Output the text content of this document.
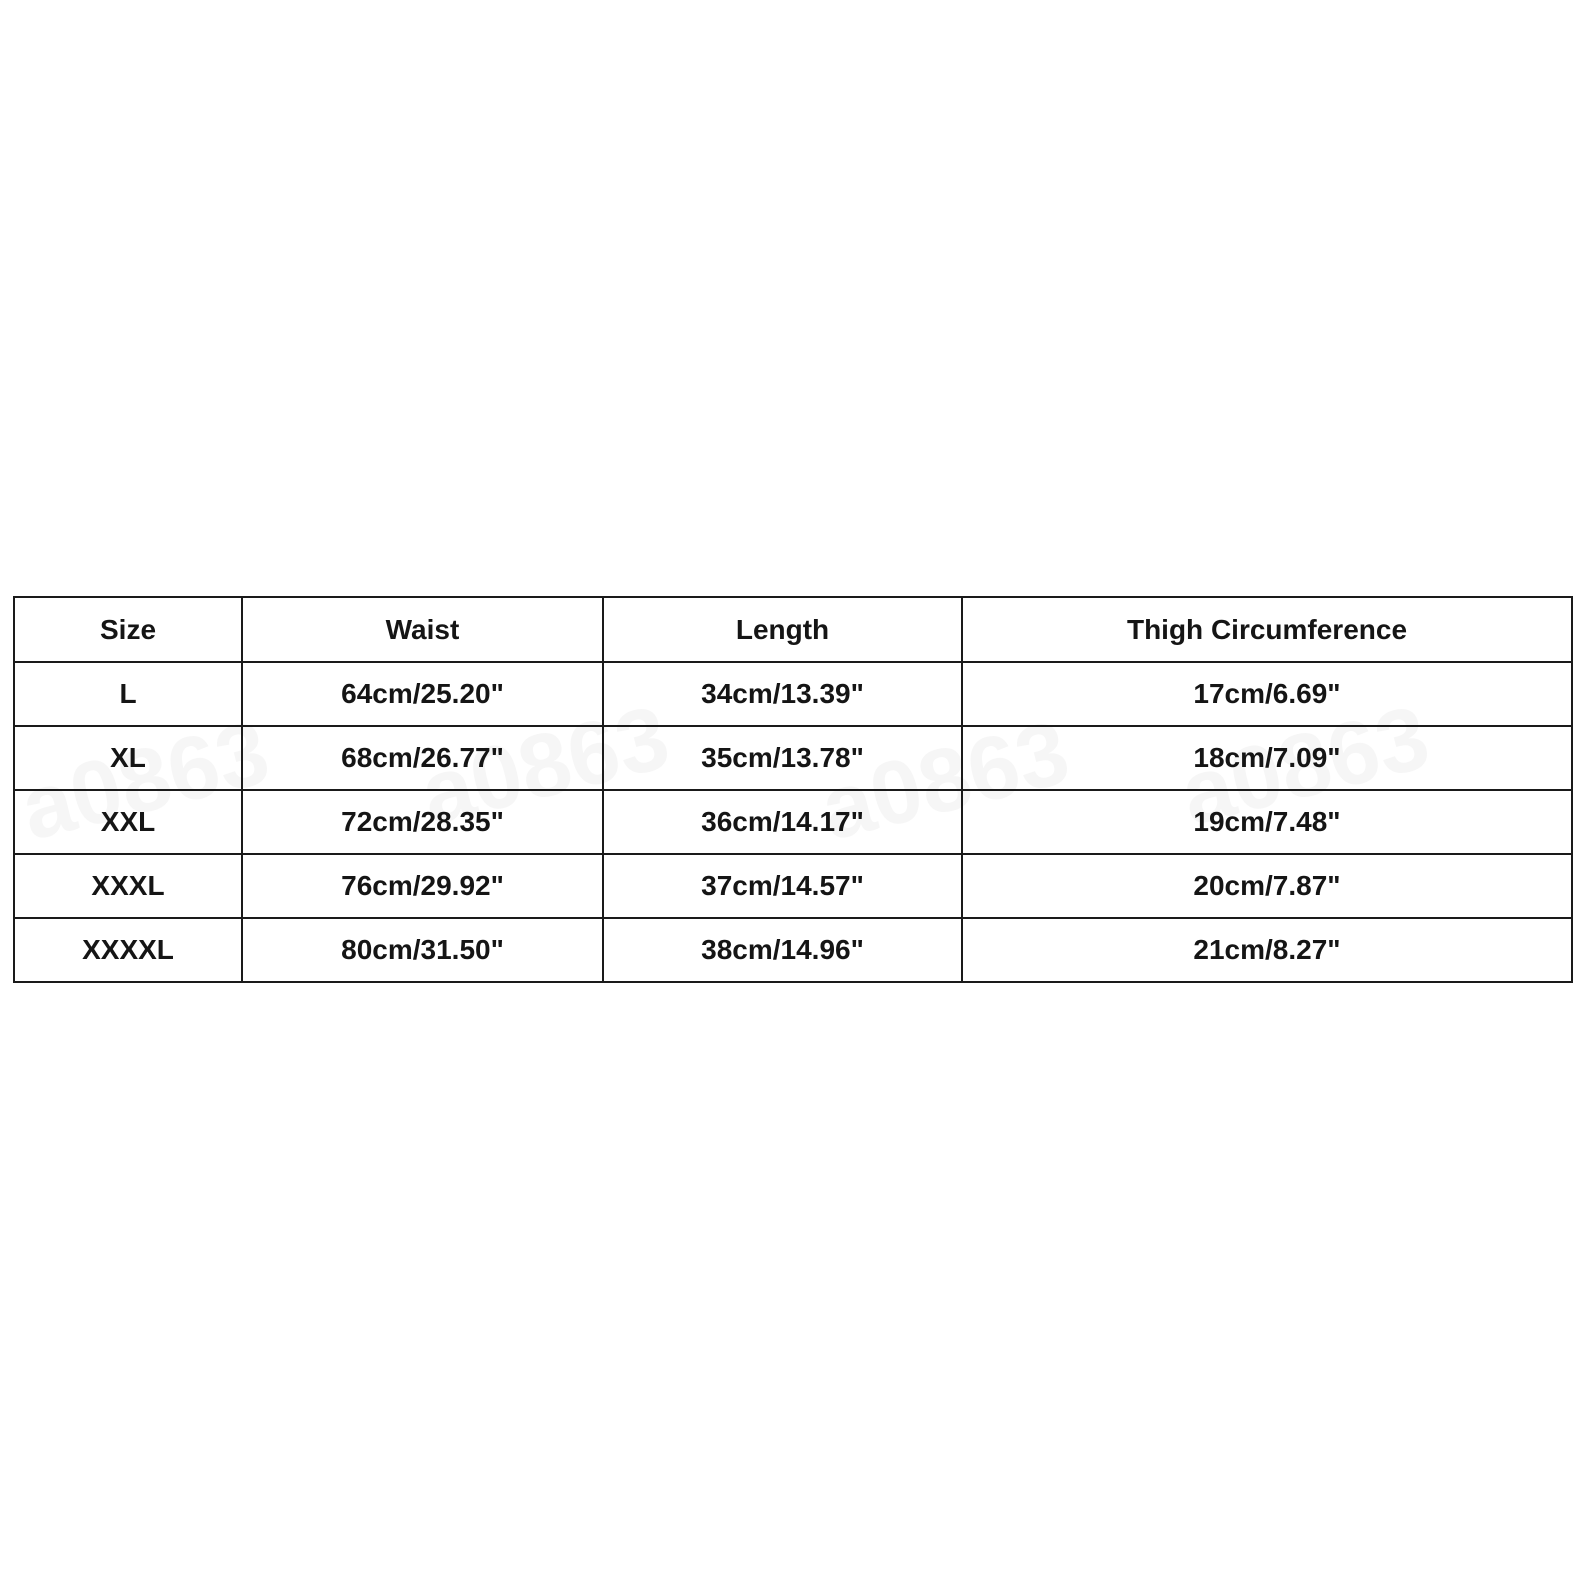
Size	Waist	Length	Thigh Circumference
L	64cm/25.20"	34cm/13.39"	17cm/6.69"
XL	68cm/26.77"	35cm/13.78"	18cm/7.09"
XXL	72cm/28.35"	36cm/14.17"	19cm/7.48"
XXXL	76cm/29.92"	37cm/14.57"	20cm/7.87"
XXXXL	80cm/31.50"	38cm/14.96"	21cm/8.27"
